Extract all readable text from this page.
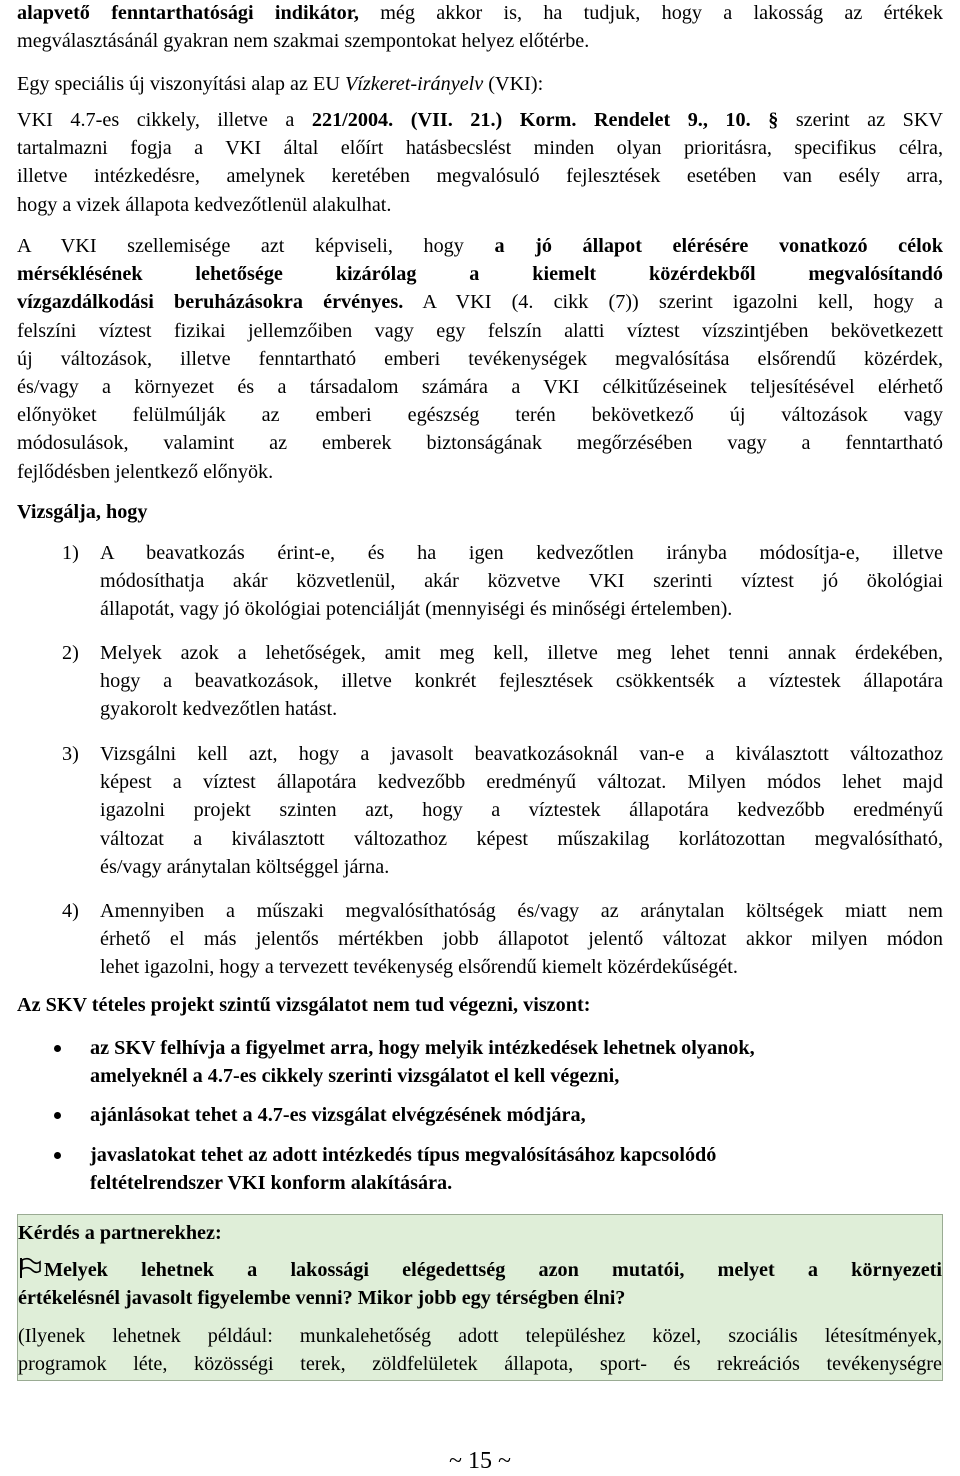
alapvető fenntarthatósági indikátor, még akkor is, ha tudjuk, hogy a lakosság az értékek
megválasztásánál gyakran nem szakmai szempontokat helyez előtérbe.

Egy speciális új viszonyítási alap az EU Vízkeret-irányelv (VKI):

VKI 4.7-es cikkely, illetve a 221/2004. (VII. 21.) Korm. Rendelet 9., 10. § szerint az SKV
tartalmazni fogja a VKI által előírt hatásbecslést minden olyan prioritásra, specifikus célra,
illetve intézkedésre, amelynek keretében megvalósuló fejlesztések esetében van esély arra,
hogy a vizek állapota kedvezőtlenül alakulhat.

A VKI szellemisége azt képviseli, hogy a jó állapot elérésére vonatkozó célok
mérséklésének lehetősége kizárólag a kiemelt közérdekből megvalósítandó
vízgazdálkodási beruházásokra érvényes. A VKI (4. cikk (7)) szerint igazolni kell, hogy a
felszíni víztest fizikai jellemzőiben vagy egy felszín alatti víztest vízszintjében bekövetkezett
új változások, illetve fenntartható emberi tevékenységek megvalósítása elsőrendű közérdek,
és/vagy a környezet és a társadalom számára a VKI célkitűzéseinek teljesítésével elérhető
előnyöket felülmúlják az emberi egészség terén bekövetkező új változások vagy
módosulások, valamint az emberek biztonságának megőrzésében vagy a fenntartható
fejlődésben jelentkező előnyök.

Vizsgálja, hogy

1) A beavatkozás érint-e, és ha igen kedvezőtlen irányba módosítja-e, illetve
módosíthatja akár közvetlenül, akár közvetve VKI szerinti víztest jó ökológiai
állapotát, vagy jó ökológiai potenciálját (mennyiségi és minőségi értelemben).
2) Melyek azok a lehetőségek, amit meg kell, illetve meg lehet tenni annak érdekében,
hogy a beavatkozások, illetve konkrét fejlesztések csökkentsék a víztestek állapotára
gyakorolt kedvezőtlen hatást.
3) Vizsgálni kell azt, hogy a javasolt beavatkozásoknál van-e a kiválasztott változathoz
képest a víztest állapotára kedvezőbb eredményű változat. Milyen módos lehet majd
igazolni projekt szinten azt, hogy a víztestek állapotára kedvezőbb eredményű
változat a kiválasztott változathoz képest műszakilag korlátozottan megvalósítható,
és/vagy aránytalan költséggel járna.
4) Amennyiben a műszaki megvalósíthatóság és/vagy az aránytalan költségek miatt nem
érhető el más jelentős mértékben jobb állapotot jelentő változat akkor milyen módon
lehet igazolni, hogy a tervezett tevékenység elsőrendű kiemelt közérdekűségét.

Az SKV tételes projekt szintű vizsgálatot nem tud végezni, viszont:

az SKV felhívja a figyelmet arra, hogy melyik intézkedések lehetnek olyanok,
amelyeknél a 4.7-es cikkely szerinti vizsgálatot el kell végezni,
ajánlásokat tehet a 4.7-es vizsgálat elvégzésének módjára,
javaslatokat tehet az adott intézkedés típus megvalósításához kapcsolódó
feltételrendszer VKI konform alakítására.

Kérdés a partnerekhez:

Melyek lehetnek a lakossági elégedettség azon mutatói, melyet a környezeti
értékelésnél javasolt figyelembe venni? Mikor jobb egy térségben élni?

(Ilyenek lehetnek például: munkalehetőség adott településhez közel, szociális létesítmények,
programok léte, közösségi terek, zöldfelületek állapota, sport- és rekreációs tevékenységre

~ 15 ~
